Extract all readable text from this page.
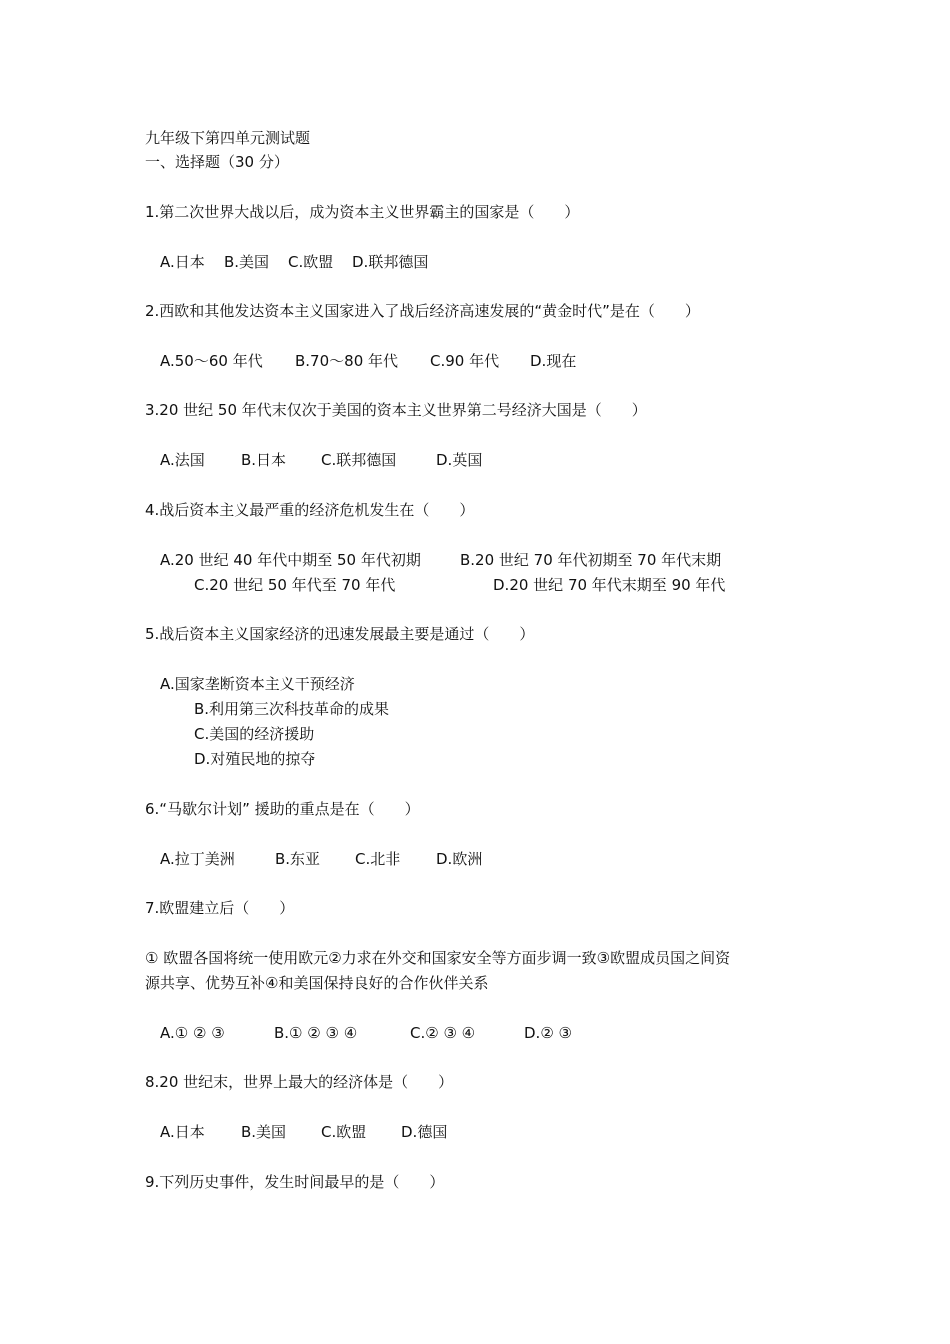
九年级下第四单元测试题
一、选择题（30 分）
1.第二次世界大战以后，成为资本主义世界霸主的国家是（　　）
A.日本 B.美国 C.欧盟 D.联邦德国
2.西欧和其他发达资本主义国家进入了战后经济高速发展的“黄金时代”是在（　　）
A.50～60 年代 B.70～80 年代 C.90 年代 D.现在
3.20 世纪 50 年代末仅次于美国的资本主义世界第二号经济大国是（　　）
A.法国 B.日本 C.联邦德国	D.英国
4.战后资本主义最严重的经济危机发生在（　　）
A.20 世纪 40 年代中期至 50 年代初期	B.20 世纪 70 年代初期至 70 年代末期
C.20 世纪 50 年代至 70 年代	D.20 世纪 70 年代末期至 90 年代
5.战后资本主义国家经济的迅速发展最主要是通过（　　）
A.国家垄断资本主义干预经济
B.利用第三次科技革命的成果
C.美国的经济援助
D.对殖民地的掠夺
6.“马歇尔计划” 援助的重点是在（　　）
A.拉丁美洲	B.东亚 C.北非 D.欧洲
7.欧盟建立后（　　）
① 欧盟各国将统一使用欧元②力求在外交和国家安全等方面步调一致③欧盟成员国之间资
源共享、优势互补④和美国保持良好的合作伙伴关系
A.① ② ③	B.① ② ③ ④	C.② ③ ④	D.② ③
8.20 世纪末，世界上最大的经济体是（　　）
A.日本 B.美国 C.欧盟 D.德国
9.下列历史事件，发生时间最早的是（　　）
